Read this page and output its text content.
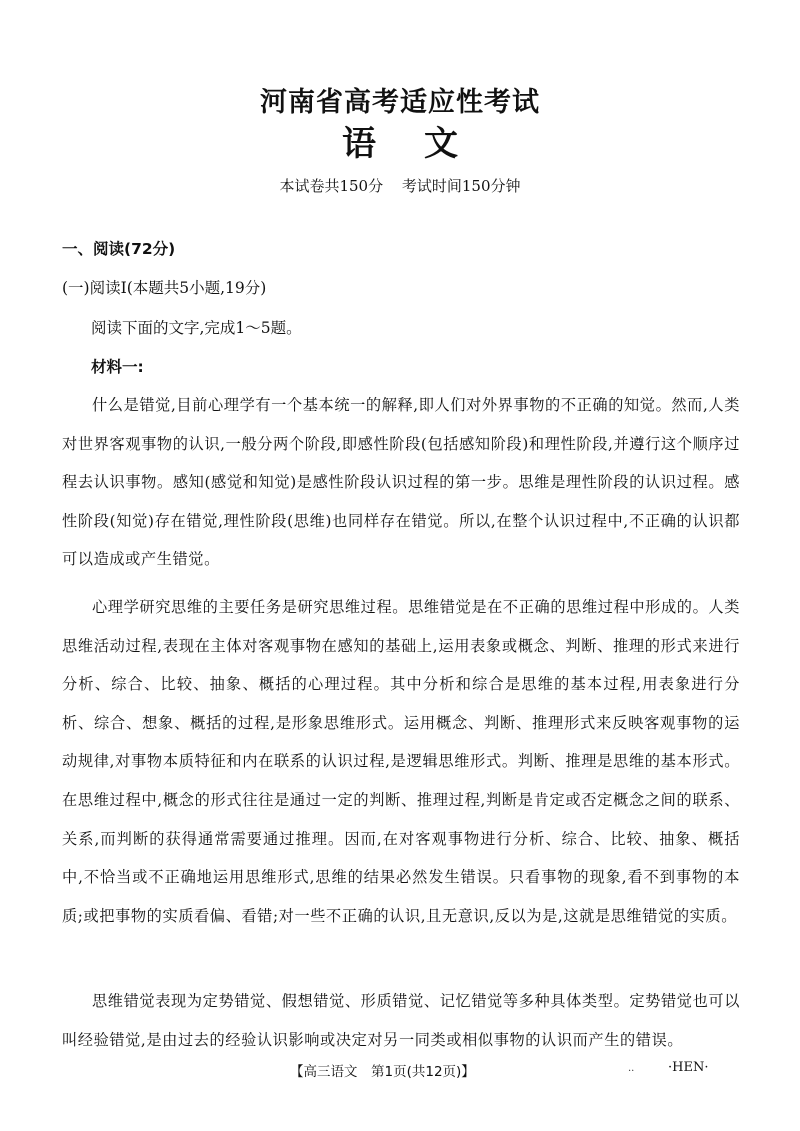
河南省高考适应性考试
语文
本试卷共150分 考试时间150分钟
一、阅读(72分)
(一)阅读Ⅰ(本题共5小题,19分)
阅读下面的文字,完成1～5题。
材料一:
什么是错觉,目前心理学有一个基本统一的解释,即人们对外界事物的不正确的知觉。然而,人类对世界客观事物的认识,一般分两个阶段,即感性阶段(包括感知阶段)和理性阶段,并遵行这个顺序过程去认识事物。感知(感觉和知觉)是感性阶段认识过程的第一步。思维是理性阶段的认识过程。感性阶段(知觉)存在错觉,理性阶段(思维)也同样存在错觉。所以,在整个认识过程中,不正确的认识都可以造成或产生错觉。
心理学研究思维的主要任务是研究思维过程。思维错觉是在不正确的思维过程中形成的。人类思维活动过程,表现在主体对客观事物在感知的基础上,运用表象或概念、判断、推理的形式来进行分析、综合、比较、抽象、概括的心理过程。其中分析和综合是思维的基本过程,用表象进行分析、综合、想象、概括的过程,是形象思维形式。运用概念、判断、推理形式来反映客观事物的运动规律,对事物本质特征和内在联系的认识过程,是逻辑思维形式。判断、推理是思维的基本形式。在思维过程中,概念的形式往往是通过一定的判断、推理过程,判断是肯定或否定概念之间的联系、关系,而判断的获得通常需要通过推理。因而,在对客观事物进行分析、综合、比较、抽象、概括中,不恰当或不正确地运用思维形式,思维的结果必然发生错误。只看事物的现象,看不到事物的本质;或把事物的实质看偏、看错;对一些不正确的认识,且无意识,反以为是,这就是思维错觉的实质。
思维错觉表现为定势错觉、假想错觉、形质错觉、记忆错觉等多种具体类型。定势错觉也可以叫经验错觉,是由过去的经验认识影响或决定对另一同类或相似事物的认识而产生的错误。
【高三语文　第1页(共12页)】	..	·HEN·
